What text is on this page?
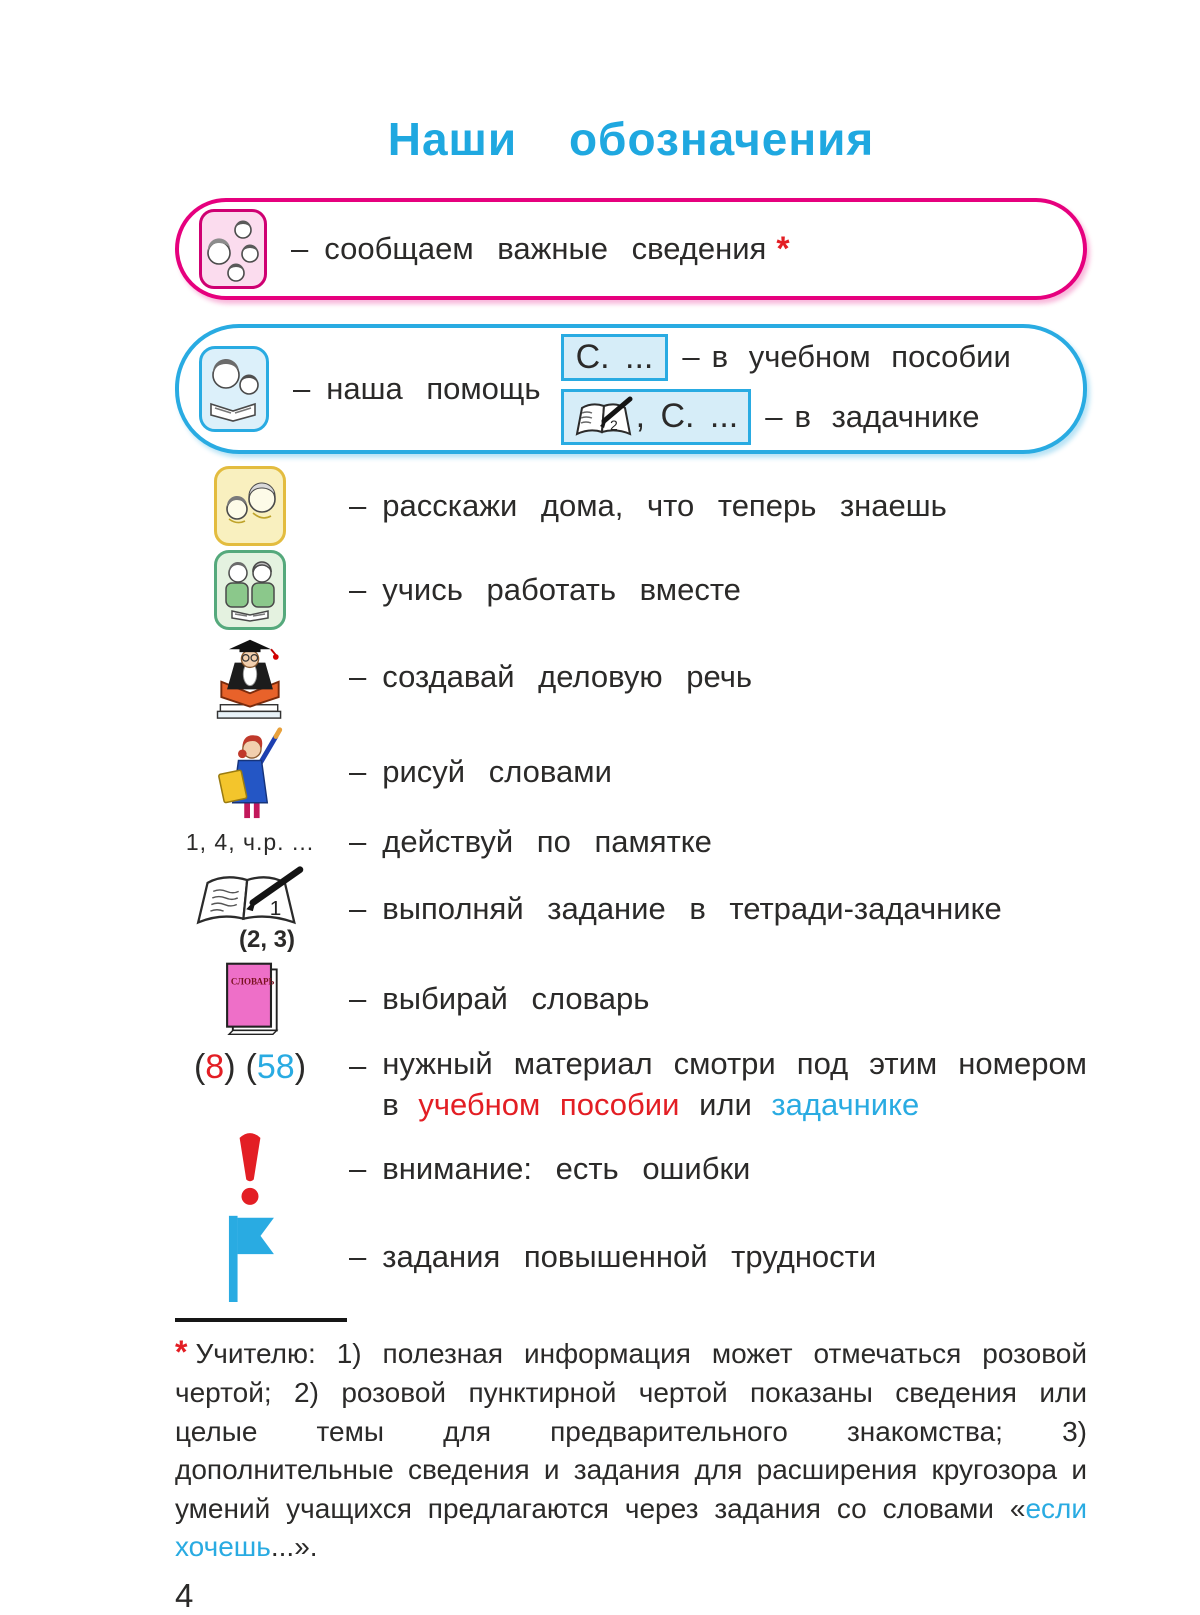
Наши обозначения
– сообщаем важные сведения *
– наша помощь
С. ... – в учебном пособии
2 , С. ... – в задачнике
– расскажи дома, что теперь знаешь
– учись работать вместе
– создавай деловую речь
– рисуй словами
1, 4, ч.р. ... – действуй по памятке
1
(2, 3)
– выполняй задание в тетради-задачнике
СЛОВАРЬ – выбирай словарь
(8) (58) – нужный материал смотри под этим номером в учебном пособии или задачнике

– внимание: есть ошибки
– задания повышенной трудности

* Учителю: 1) полезная информация может отмечаться розовой чертой; 2) розовой пунктирной чертой показаны сведения или целые темы для предварительного знакомства; 3) дополнительные сведения и задания для расширения кругозора и умений учащихся предлагаются через задания со словами «если хочешь...».

4
